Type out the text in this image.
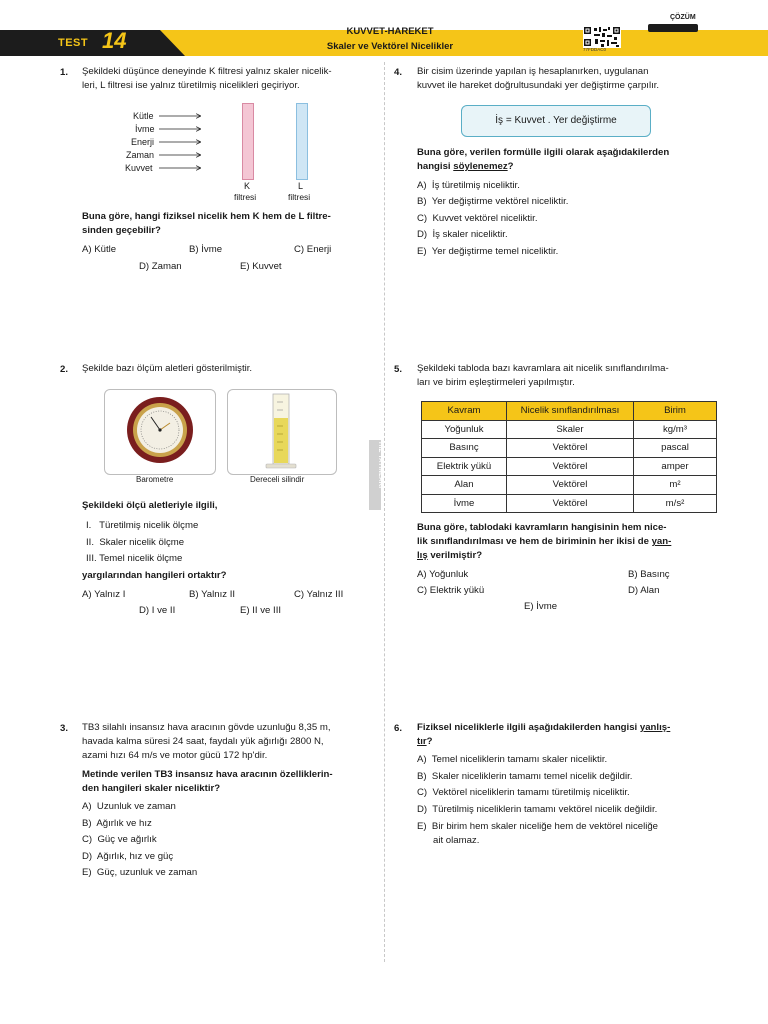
TEST 14	KUVVET-HAREKET
Skaler ve Vektörel Nicelikler	77FDDAC0
ÇÖZÜM
HIZ YAYINLARI
1. Şekildeki düşünce deneyinde K filtresi yalnız skaler nicelik-
leri, L filtresi ise yalnız türetilmiş nicelikleri geçiriyor.
Kütle
İvme
Enerji
Zaman
Kuvvet
K
filtresi
L
filtresi
Buna göre, hangi fiziksel nicelik hem K hem de L filtre-
sinden geçebilir?
A) Kütle	B) İvme	C) Enerji
D) Zaman	E) Kuvvet
2. Şekilde bazı ölçüm aletleri gösterilmiştir.
Barometre	Dereceli silindir
Şekildeki ölçü aletleriyle ilgili,
I.   Türetilmiş nicelik ölçme
II.  Skaler nicelik ölçme
III. Temel nicelik ölçme
yargılarından hangileri ortaktır?
A) Yalnız I	B) Yalnız II	C) Yalnız III
D) I ve II	E) II ve III
3. TB3 silahlı insansız hava aracının gövde uzunluğu 8,35 m,
havada kalma süresi 24 saat, faydalı yük ağırlığı 2800 N,
azami hızı 64 m/s ve motor gücü 172 hp'dir.
Metinde verilen TB3 insansız hava aracının özelliklerin-
den hangileri skaler niceliktir?
A)  Uzunluk ve zaman
B)  Ağırlık ve hız
C)  Güç ve ağırlık
D)  Ağırlık, hız ve güç
E)  Güç, uzunluk ve zaman
4. Bir cisim üzerinde yapılan iş hesaplanırken, uygulanan
kuvvet ile hareket doğrultusundaki yer değiştirme çarpılır.
İş = Kuvvet . Yer değiştirme
Buna göre, verilen formülle ilgili olarak aşağıdakilerden
hangisi söylenemez?
A)  İş türetilmiş niceliktir.
B)  Yer değiştirme vektörel niceliktir.
C)  Kuvvet vektörel niceliktir.
D)  İş skaler niceliktir.
E)  Yer değiştirme temel niceliktir.
5. Şekildeki tabloda bazı kavramlara ait nicelik sınıflandırılma-
ları ve birim eşleştirmeleri yapılmıştır.
Kavram	Nicelik sınıflandırılması	Birim
Yoğunluk	Skaler	kg/m³
Basınç	Vektörel	pascal
Elektrik yükü	Vektörel	amper
Alan	Vektörel	m²
İvme	Vektörel	m/s²
Buna göre, tablodaki kavramların hangisinin hem nice-
lik sınıflandırılması ve hem de biriminin her ikisi de yan-
lış verilmiştir?
A) Yoğunluk	B) Basınç
C) Elektrik yükü	D) Alan
E) İvme
6. Fiziksel niceliklerle ilgili aşağıdakilerden hangisi yanlış-
tır?
A)  Temel niceliklerin tamamı skaler niceliktir.
B)  Skaler niceliklerin tamamı temel nicelik değildir.
C)  Vektörel niceliklerin tamamı türetilmiş niceliktir.
D)  Türetilmiş niceliklerin tamamı vektörel nicelik değildir.
E)  Bir birim hem skaler niceliğe hem de vektörel niceliğe
ait olamaz.
